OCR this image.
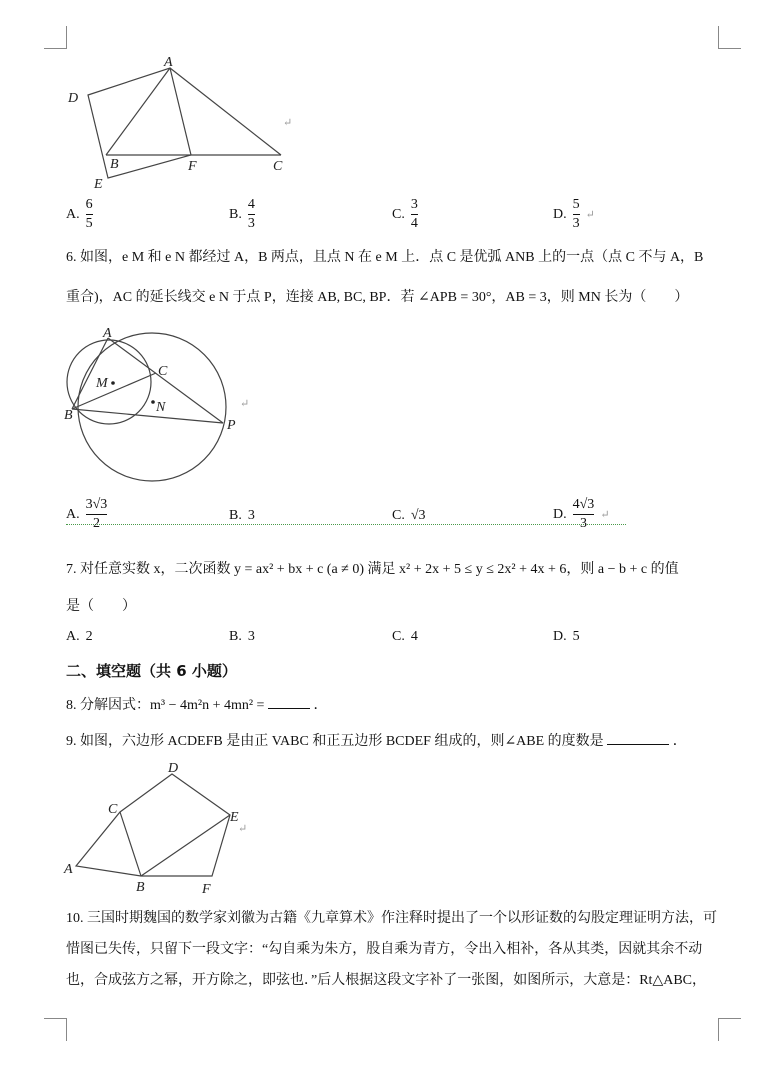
A
D
B	F	C
E
↵
A. $\frac{6}{5}$	B. $\frac{4}{3}$	C. $\frac{3}{4}$	D. $\frac{5}{3}$ ↵
6. 如图，e M 和 e N 都经过 A，B 两点，且点 N 在 e M 上．点 C 是优弧 ANB 上的一点（点 C 不与 A，B
重合)，AC 的延长线交 e N 于点 P，连接 AB, BC, BP．若 ∠APB = 30°，AB = 3，则 MN 长为（　　）
A
C
M
N
B
P
↵
A. $\frac{3√3}{2}$	B. 3	C. √3	D. $\frac{4√3}{3}$ ↵
7. 对任意实数 x，二次函数 y = ax² + bx + c (a ≠ 0) 满足 x² + 2x + 5 ≤ y ≤ 2x² + 4x + 6，则 a − b + c 的值
是（　　）
A. 2	B. 3	C. 4	D. 5
二、填空题（共 6 小题）
8. 分解因式：m³ − 4m²n + 4mn² =	．
9. 如图，六边形 ACDEFB 是由正 VABC 和正五边形 BCDEF 组成的，则∠ABE 的度数是	．
D
C
E
A
B	F
↵
10. 三国时期魏国的数学家刘徽为古籍《九章算术》作注释时提出了一个以形证数的勾股定理证明方法，可
惜图已失传，只留下一段文字：“勾自乘为朱方，股自乘为青方，令出入相补，各从其类，因就其余不动
也，合成弦方之幂，开方除之，即弦也．”后人根据这段文字补了一张图，如图所示，大意是：Rt△ABC，
